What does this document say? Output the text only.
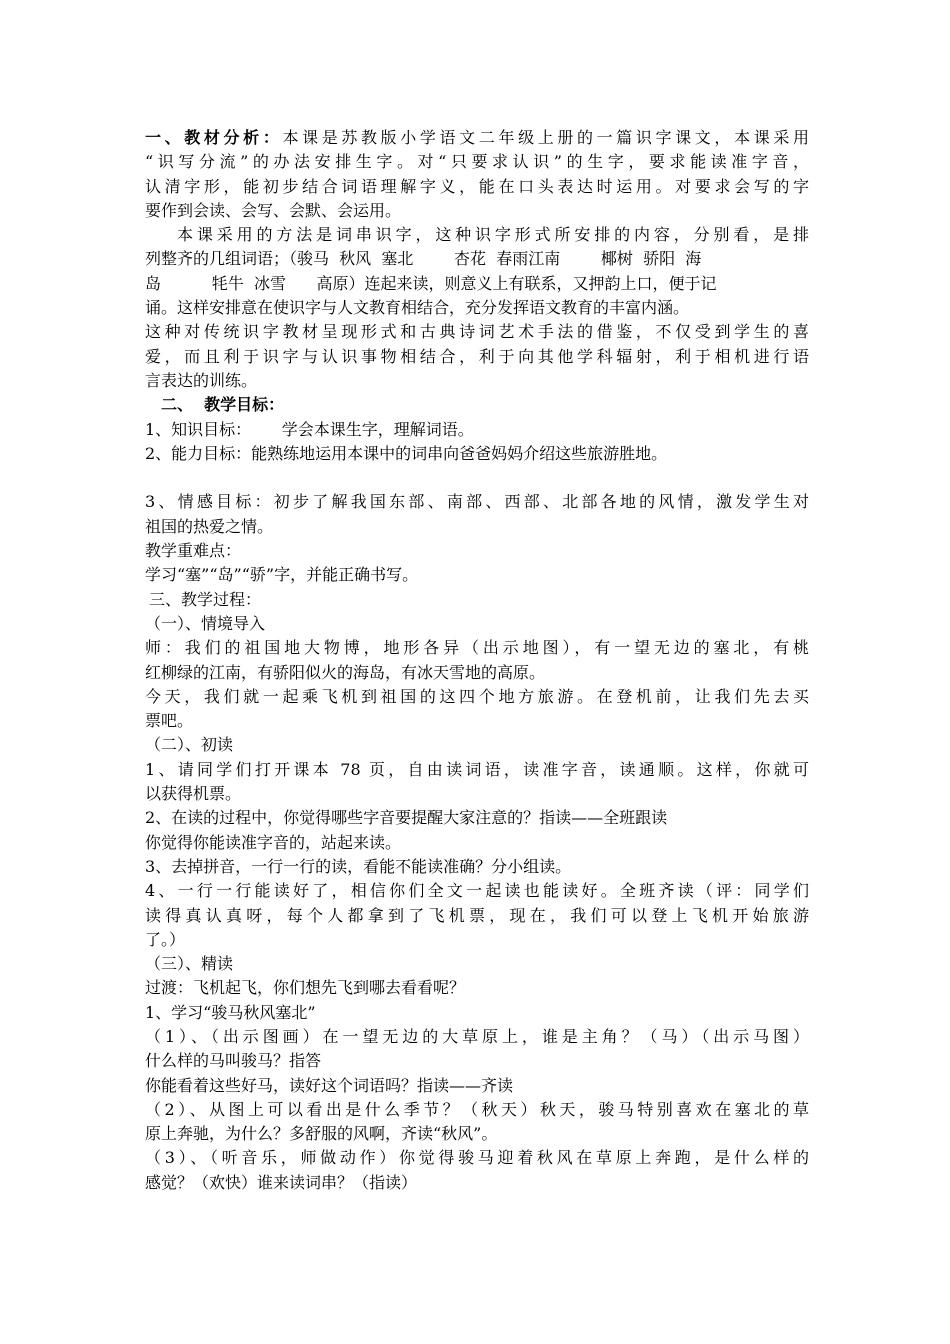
一、教材分析：本课是苏教版小学语文二年级上册的一篇识字课文，本课采用
“识写分流”的办法安排生字。对“只要求认识”的生字，要求能读准字音，
认清字形，能初步结合词语理解字义，能在口头表达时运用。对要求会写的字
要作到会读、会写、会默、会运用。
本课采用的方法是词串识字，这种识字形式所安排的内容，分别看，是排
列整齐的几组词语；（骏马  秋风  塞北        杏花  春雨江南        椰树  骄阳  海
岛          牦牛  冰雪      高原）连起来读，则意义上有联系，又押韵上口，便于记
诵。这样安排意在使识字与人文教育相结合，充分发挥语文教育的丰富内涵。
这种对传统识字教材呈现形式和古典诗词艺术手法的借鉴，不仅受到学生的喜
爱，而且利于识字与认识事物相结合，利于向其他学科辐射，利于相机进行语
言表达的训练。
二、  教学目标：
1、知识目标：      学会本课生字，理解词语。
2、能力目标：能熟练地运用本课中的词串向爸爸妈妈介绍这些旅游胜地。
3、情感目标：初步了解我国东部、南部、西部、北部各地的风情，激发学生对
祖国的热爱之情。
教学重难点：
学习“塞”“岛”“骄”字，并能正确书写。
三、教学过程：
（一）、情境导入
师：我们的祖国地大物博，地形各异（出示地图），有一望无边的塞北，有桃
红柳绿的江南，有骄阳似火的海岛，有冰天雪地的高原。
今天，我们就一起乘飞机到祖国的这四个地方旅游。在登机前，让我们先去买
票吧。
（二）、初读
1、请同学们打开课本 78 页，自由读词语，读准字音，读通顺。这样，你就可
以获得机票。
2、在读的过程中，你觉得哪些字音要提醒大家注意的？指读——全班跟读
你觉得你能读准字音的，站起来读。
3、去掉拼音，一行一行的读，看能不能读准确？分小组读。
4、一行一行能读好了，相信你们全文一起读也能读好。全班齐读（评：同学们
读得真认真呀，每个人都拿到了飞机票，现在，我们可以登上飞机开始旅游
了。）
（三）、精读
过渡：飞机起飞，你们想先飞到哪去看看呢？
1、学习“骏马秋风塞北”
（1）、（出示图画）在一望无边的大草原上，谁是主角？（马）（出示马图）
什么样的马叫骏马？指答
你能看着这些好马，读好这个词语吗？指读——齐读
（2）、从图上可以看出是什么季节？（秋天）秋天，骏马特别喜欢在塞北的草
原上奔驰，为什么？多舒服的风啊，齐读“秋风”。
（3）、（听音乐，师做动作）你觉得骏马迎着秋风在草原上奔跑，是什么样的
感觉？（欢快）谁来读词串？（指读）
